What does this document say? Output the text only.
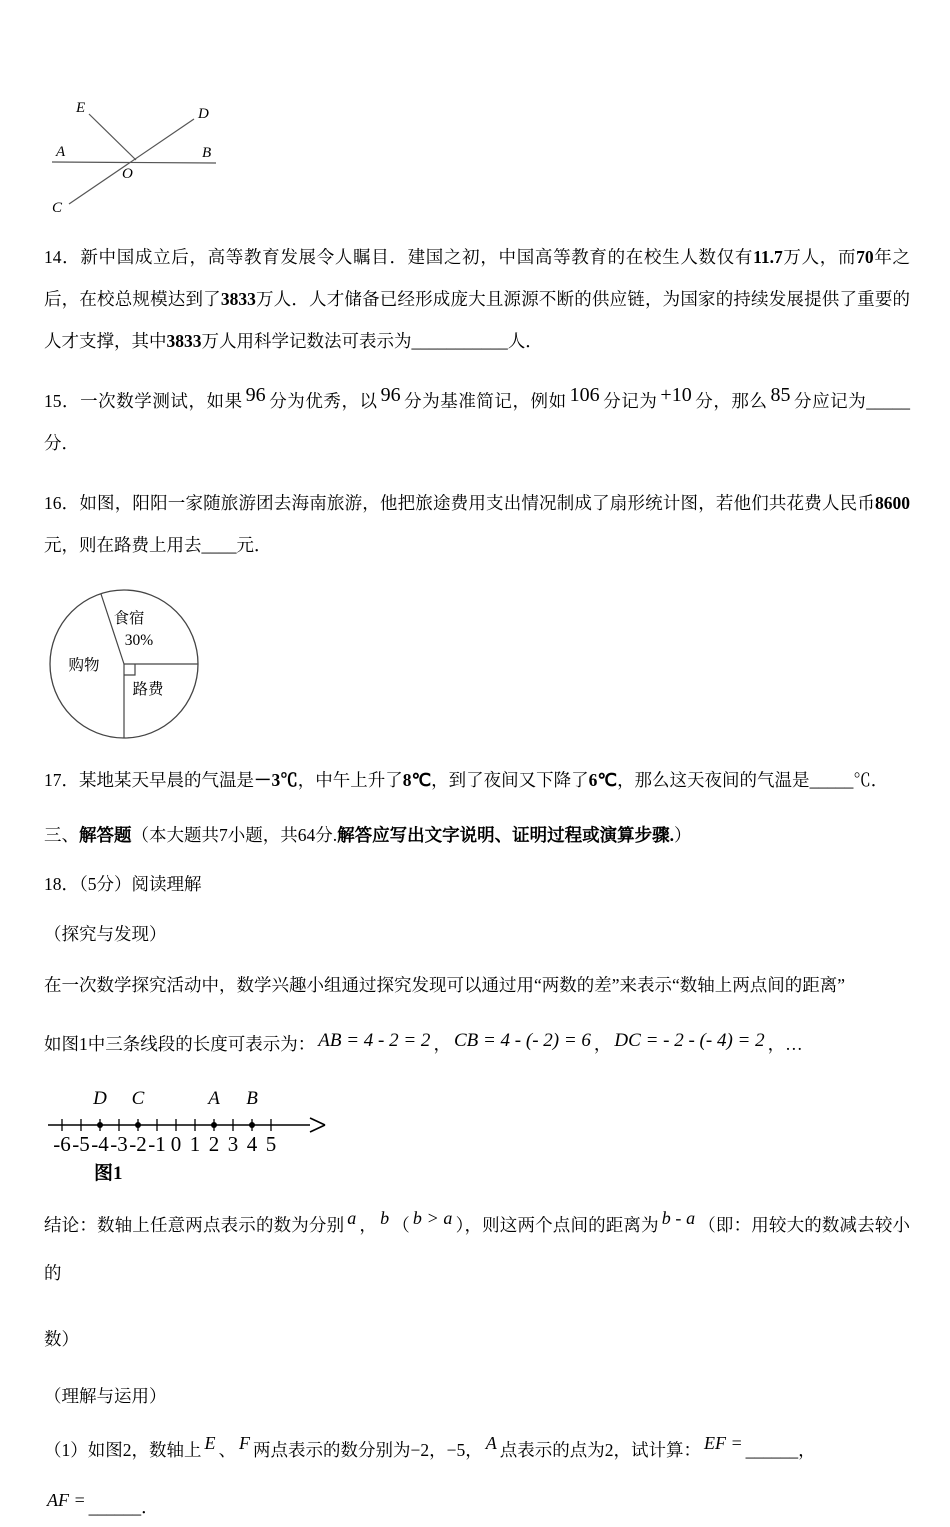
E	D
A	B
O
C

14．新中国成立后，高等教育发展令人瞩目．建国之初，中国高等教育的在校生人数仅有11.7万人，而70年之后，在校总规模达到了3833万人．人才储备已经形成庞大且源源不断的供应链，为国家的持续发展提供了重要的人才支撑，其中3833万人用科学记数法可表示为___________人．

15．一次数学测试，如果 96 分为优秀，以 96 分为基准简记，例如 106 分记为 +10 分，那么 85 分应记为_____分．

16．如图，阳阳一家随旅游团去海南旅游，他把旅途费用支出情况制成了扇形统计图，若他们共花费人民币8600元，则在路费上用去____元．

食宿
30%
购物
路费

17．某地某天早晨的气温是－3℃，中午上升了8℃，到了夜间又下降了6℃，那么这天夜间的气温是_____℃．

三、解答题（本大题共7小题，共64分.解答应写出文字说明、证明过程或演算步骤.）

18．（5分）阅读理解

（探究与发现）

在一次数学探究活动中，数学兴趣小组通过探究发现可以通过用“两数的差”来表示“数轴上两点间的距离”

如图1中三条线段的长度可表示为： AB = 4 - 2 = 2 ， CB = 4 - (- 2) = 6 ， DC = - 2 - (- 4) = 2 ，…

D C	A B
-6 -5 -4 -3 -2 -1 0 1 2 3 4 5
图1

结论：数轴上任意两点表示的数为分别 a ， b （ b > a ），则这两个点间的距离为 b - a （即：用较大的数减去较小的

数）

（理解与运用）

（1）如图2，数轴上 E 、 F 两点表示的数分别为−2，−5， A 点表示的点为2，试计算： EF = ______，

AF = ______．
